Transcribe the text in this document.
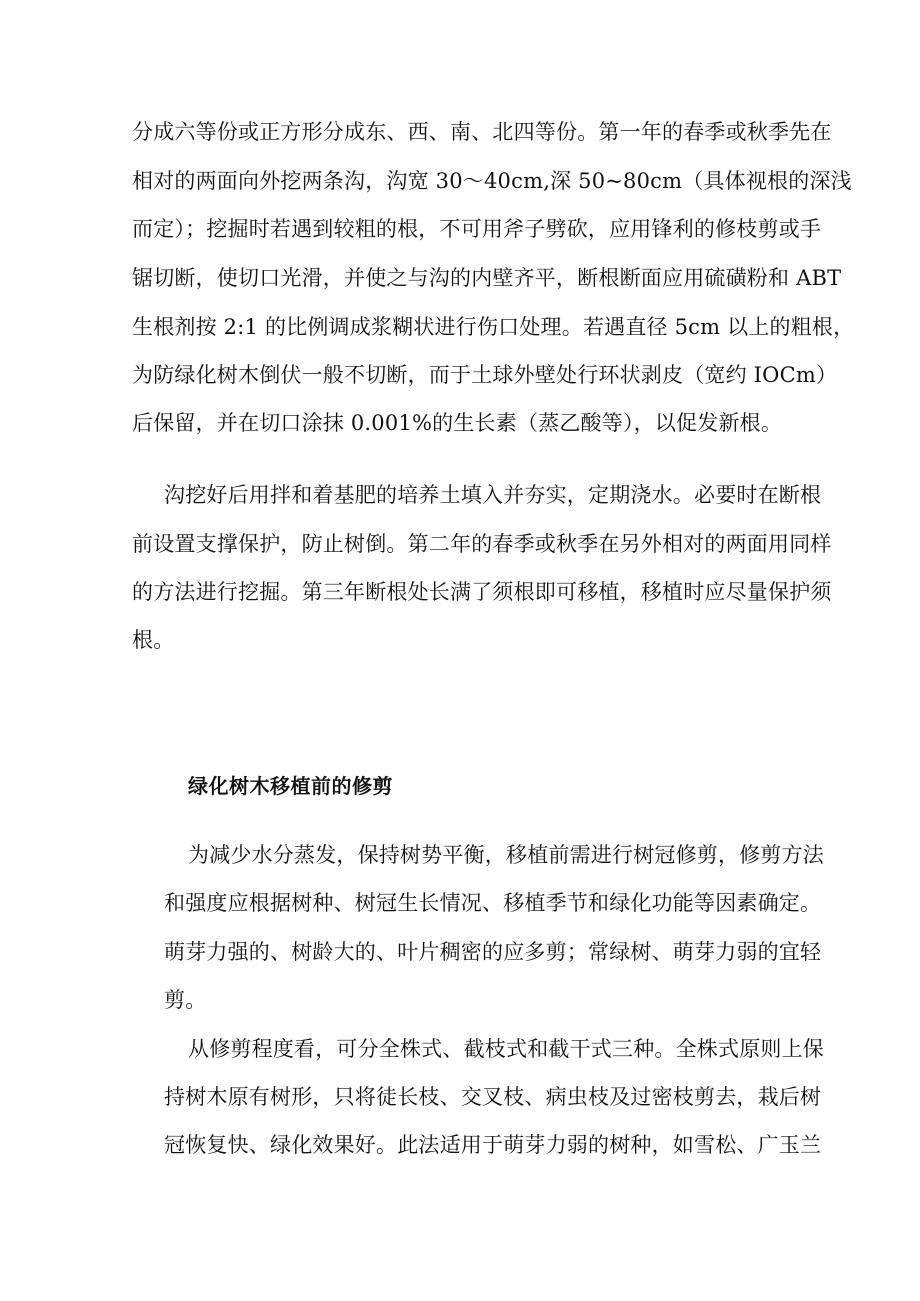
分成六等份或正方形分成东、西、南、北四等份。第一年的春季或秋季先在
相对的两面向外挖两条沟，沟宽 30～40cm,深 50~80cm（具体视根的深浅
而定）；挖掘时若遇到较粗的根，不可用斧子劈砍，应用锋利的修枝剪或手
锯切断，使切口光滑，并使之与沟的内壁齐平，断根断面应用硫磺粉和 ABT
生根剂按 2:1 的比例调成浆糊状进行伤口处理。若遇直径 5cm 以上的粗根，
为防绿化树木倒伏一般不切断，而于土球外壁处行环状剥皮（宽约 IOCm）
后保留，并在切口涂抹 0.001%的生长素（蒸乙酸等），以促发新根。
沟挖好后用拌和着基肥的培养土填入并夯实，定期浇水。必要时在断根
前设置支撑保护，防止树倒。第二年的春季或秋季在另外相对的两面用同样
的方法进行挖掘。第三年断根处长满了须根即可移植，移植时应尽量保护须
根。
绿化树木移植前的修剪
为减少水分蒸发，保持树势平衡，移植前需进行树冠修剪，修剪方法
和强度应根据树种、树冠生长情况、移植季节和绿化功能等因素确定。
萌芽力强的、树龄大的、叶片稠密的应多剪；常绿树、萌芽力弱的宜轻
剪。
从修剪程度看，可分全株式、截枝式和截干式三种。全株式原则上保
持树木原有树形，只将徒长枝、交叉枝、病虫枝及过密枝剪去，栽后树
冠恢复快、绿化效果好。此法适用于萌芽力弱的树种，如雪松、广玉兰
